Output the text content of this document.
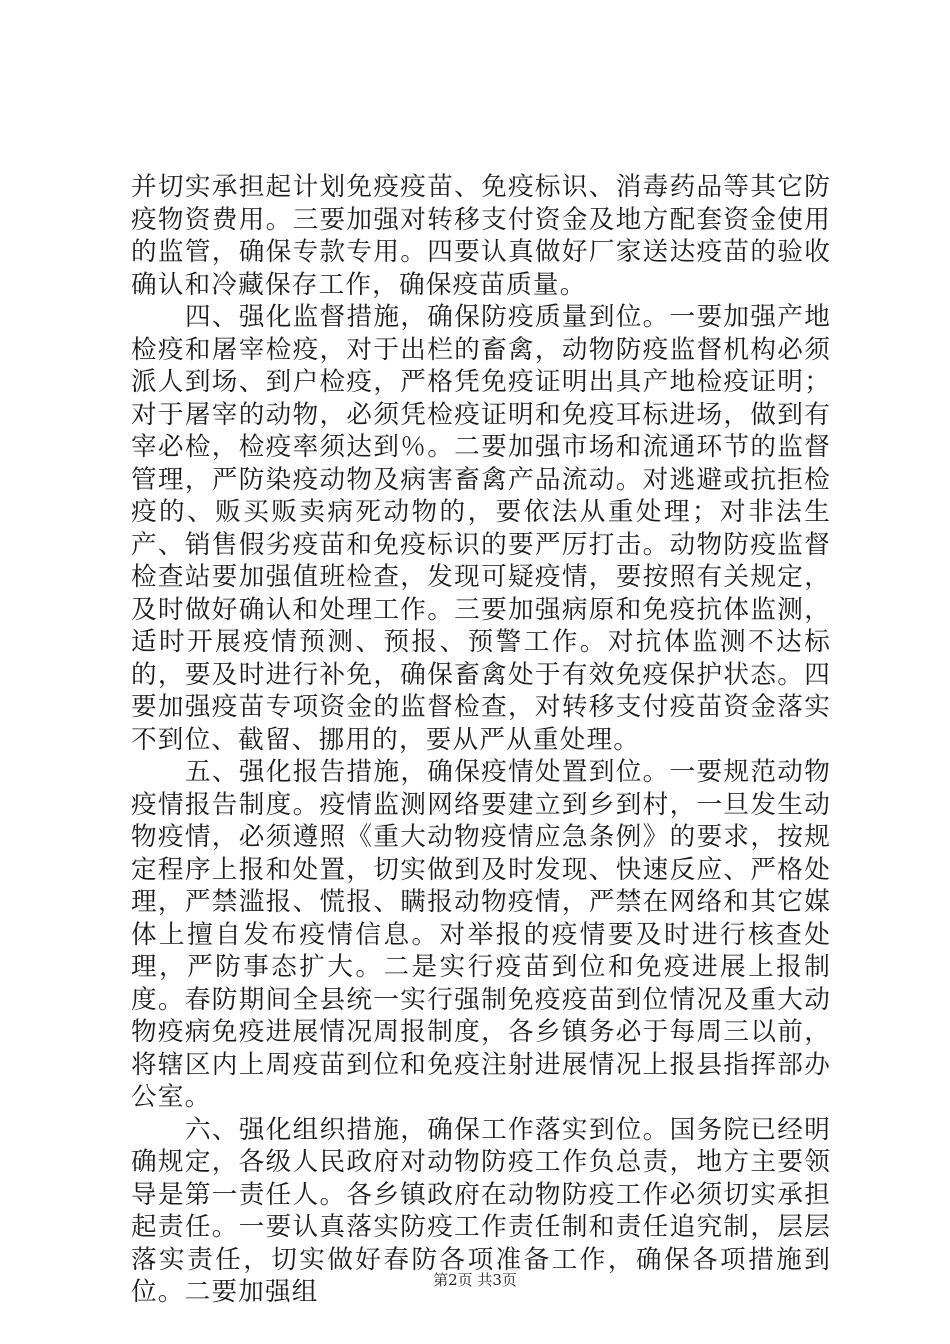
并切实承担起计划免疫疫苗、免疫标识、消毒药品等其它防疫物资费用。三要加强对转移支付资金及地方配套资金使用的监管，确保专款专用。四要认真做好厂家送达疫苗的验收确认和冷藏保存工作，确保疫苗质量。

四、强化监督措施，确保防疫质量到位。一要加强产地检疫和屠宰检疫，对于出栏的畜禽，动物防疫监督机构必须派人到场、到户检疫，严格凭免疫证明出具产地检疫证明；对于屠宰的动物，必须凭检疫证明和免疫耳标进场，做到有宰必检，检疫率须达到％。二要加强市场和流通环节的监督管理，严防染疫动物及病害畜禽产品流动。对逃避或抗拒检疫的、贩买贩卖病死动物的，要依法从重处理；对非法生产、销售假劣疫苗和免疫标识的要严厉打击。动物防疫监督检查站要加强值班检查，发现可疑疫情，要按照有关规定，及时做好确认和处理工作。三要加强病原和免疫抗体监测，适时开展疫情预测、预报、预警工作。对抗体监测不达标的，要及时进行补免，确保畜禽处于有效免疫保护状态。四要加强疫苗专项资金的监督检查，对转移支付疫苗资金落实不到位、截留、挪用的，要从严从重处理。

五、强化报告措施，确保疫情处置到位。一要规范动物疫情报告制度。疫情监测网络要建立到乡到村，一旦发生动物疫情，必须遵照《重大动物疫情应急条例》的要求，按规定程序上报和处置，切实做到及时发现、快速反应、严格处理，严禁滥报、慌报、瞒报动物疫情，严禁在网络和其它媒体上擅自发布疫情信息。对举报的疫情要及时进行核查处理，严防事态扩大。二是实行疫苗到位和免疫进展上报制度。春防期间全县统一实行强制免疫疫苗到位情况及重大动物疫病免疫进展情况周报制度，各乡镇务必于每周三以前，将辖区内上周疫苗到位和免疫注射进展情况上报县指挥部办公室。

六、强化组织措施，确保工作落实到位。国务院已经明确规定，各级人民政府对动物防疫工作负总责，地方主要领导是第一责任人。各乡镇政府在动物防疫工作必须切实承担起责任。一要认真落实防疫工作责任制和责任追究制，层层落实责任，切实做好春防各项准备工作，确保各项措施到位。二要加强组	第2页 共3页
